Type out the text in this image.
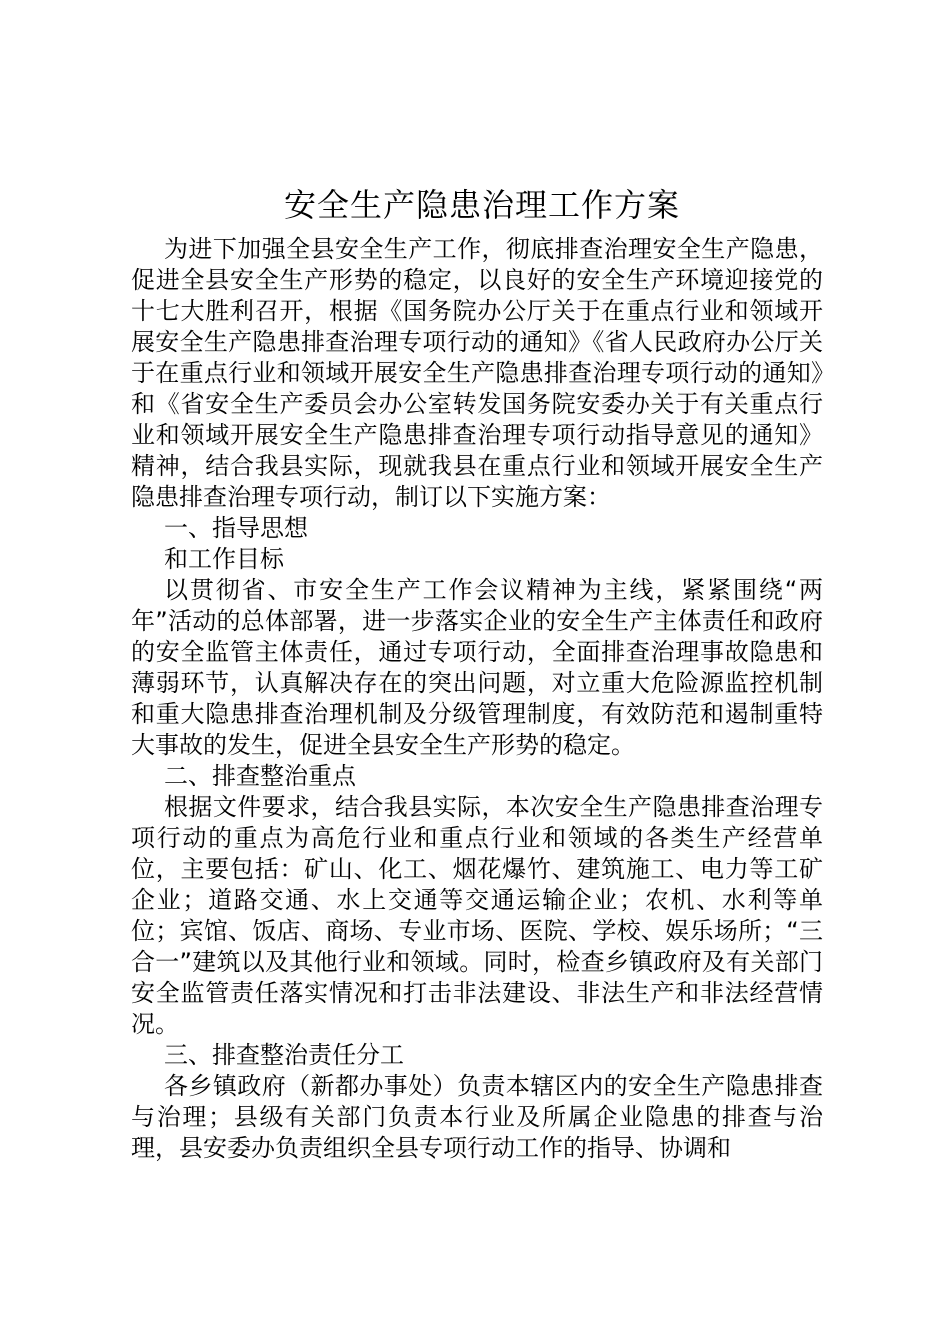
安全生产隐患治理工作方案

为进下加强全县安全生产工作，彻底排查治理安全生产隐患，促进全县安全生产形势的稳定，以良好的安全生产环境迎接党的十七大胜利召开，根据《国务院办公厅关于在重点行业和领域开展安全生产隐患排查治理专项行动的通知》《省人民政府办公厅关于在重点行业和领域开展安全生产隐患排查治理专项行动的通知》和《省安全生产委员会办公室转发国务院安委办关于有关重点行业和领域开展安全生产隐患排查治理专项行动指导意见的通知》精神，结合我县实际，现就我县在重点行业和领域开展安全生产隐患排查治理专项行动，制订以下实施方案：

一、指导思想

和工作目标

以贯彻省、市安全生产工作会议精神为主线，紧紧围绕“两年”活动的总体部署，进一步落实企业的安全生产主体责任和政府的安全监管主体责任，通过专项行动，全面排查治理事故隐患和薄弱环节，认真解决存在的突出问题，对立重大危险源监控机制和重大隐患排查治理机制及分级管理制度，有效防范和遏制重特大事故的发生，促进全县安全生产形势的稳定。

二、排查整治重点

根据文件要求，结合我县实际，本次安全生产隐患排查治理专项行动的重点为高危行业和重点行业和领域的各类生产经营单位，主要包括：矿山、化工、烟花爆竹、建筑施工、电力等工矿企业；道路交通、水上交通等交通运输企业；农机、水利等单位；宾馆、饭店、商场、专业市场、医院、学校、娱乐场所；“三合一”建筑以及其他行业和领域。同时，检查乡镇政府及有关部门安全监管责任落实情况和打击非法建设、非法生产和非法经营情况。

三、排查整治责任分工

各乡镇政府（新都办事处）负责本辖区内的安全生产隐患排查与治理；县级有关部门负责本行业及所属企业隐患的排查与治理，县安委办负责组织全县专项行动工作的指导、协调和
